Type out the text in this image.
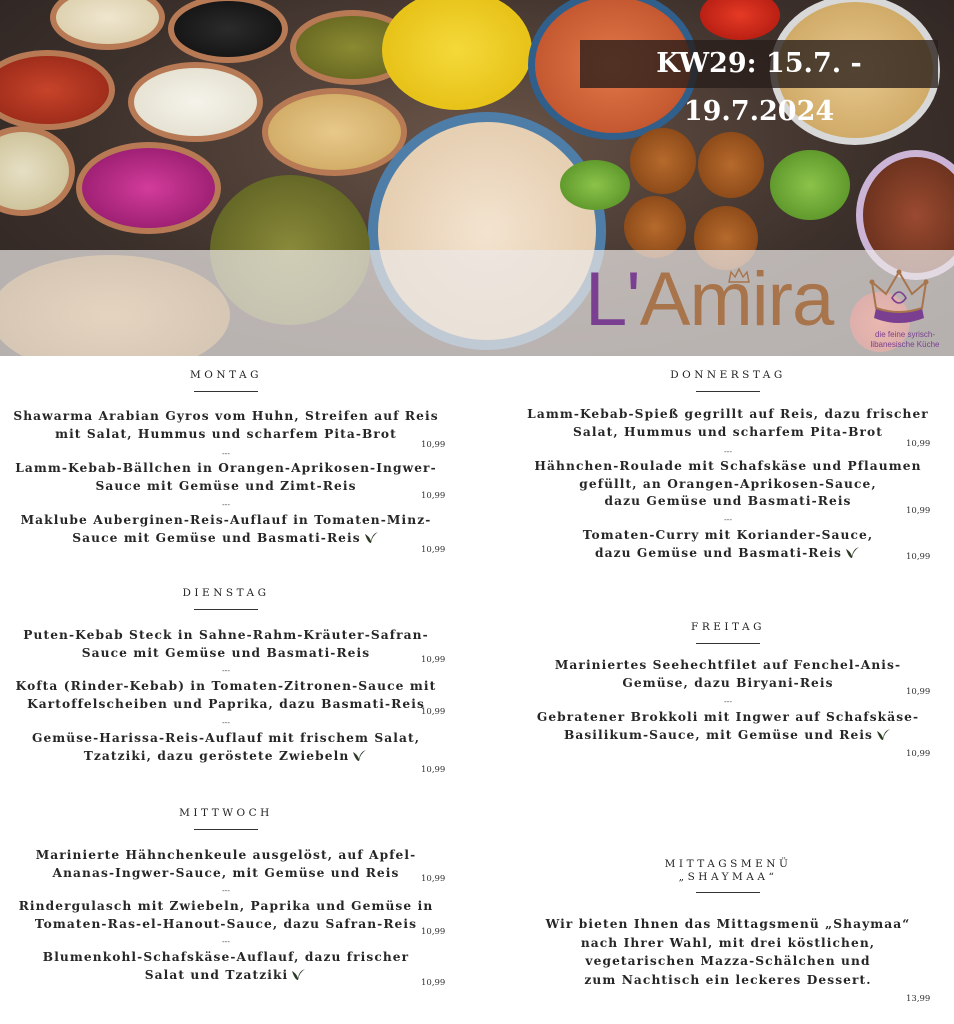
KW29: 15.7. - 19.7.2024
L'Amira	die feine syrisch-libanesische Küche
MONTAG
Shawarma Arabian Gyros vom Huhn, Streifen auf Reis
mit Salat, Hummus und scharfem Pita-Brot
10,99
---
Lamm-Kebab-Bällchen in Orangen-Aprikosen-Ingwer-
Sauce mit Gemüse und Zimt-Reis
10,99
---
Maklube Auberginen-Reis-Auflauf in Tomaten-Minz-
Sauce mit Gemüse und Basmati-Reis
10,99
DIENSTAG
Puten-Kebab Steck in Sahne-Rahm-Kräuter-Safran-
Sauce mit Gemüse und Basmati-Reis
10,99
---
Kofta (Rinder-Kebab) in Tomaten-Zitronen-Sauce mit
Kartoffelscheiben und Paprika, dazu Basmati-Reis
10,99
---
Gemüse-Harissa-Reis-Auflauf mit frischem Salat,
Tzatziki, dazu geröstete Zwiebeln
10,99
MITTWOCH
Marinierte Hähnchenkeule ausgelöst, auf Apfel-
Ananas-Ingwer-Sauce, mit Gemüse und Reis	10,99
---
Rindergulasch mit Zwiebeln, Paprika und Gemüse in
Tomaten-Ras-el-Hanout-Sauce, dazu Safran-Reis
10,99
---
Blumenkohl-Schafskäse-Auflauf, dazu frischer
Salat und Tzatziki
10,99
DONNERSTAG
Lamm-Kebab-Spieß gegrillt auf Reis, dazu frischer
Salat, Hummus und scharfem Pita-Brot
10,99
---
Hähnchen-Roulade mit Schafskäse und Pflaumen
gefüllt, an Orangen-Aprikosen-Sauce,
dazu Gemüse und Basmati-Reis
10,99
---
Tomaten-Curry mit Koriander-Sauce,
dazu Gemüse und Basmati-Reis	10,99
FREITAG
Mariniertes Seehechtfilet auf Fenchel-Anis-
Gemüse, dazu Biryani-Reis
10,99
---
Gebratener Brokkoli mit Ingwer auf Schafskäse-
Basilikum-Sauce, mit Gemüse und Reis
10,99
MITTAGSMENÜ
„SHAYMAA“
Wir bieten Ihnen das Mittagsmenü „Shaymaa“
nach Ihrer Wahl, mit drei köstlichen,
vegetarischen Mazza-Schälchen und
zum Nachtisch ein leckeres Dessert.
13,99
